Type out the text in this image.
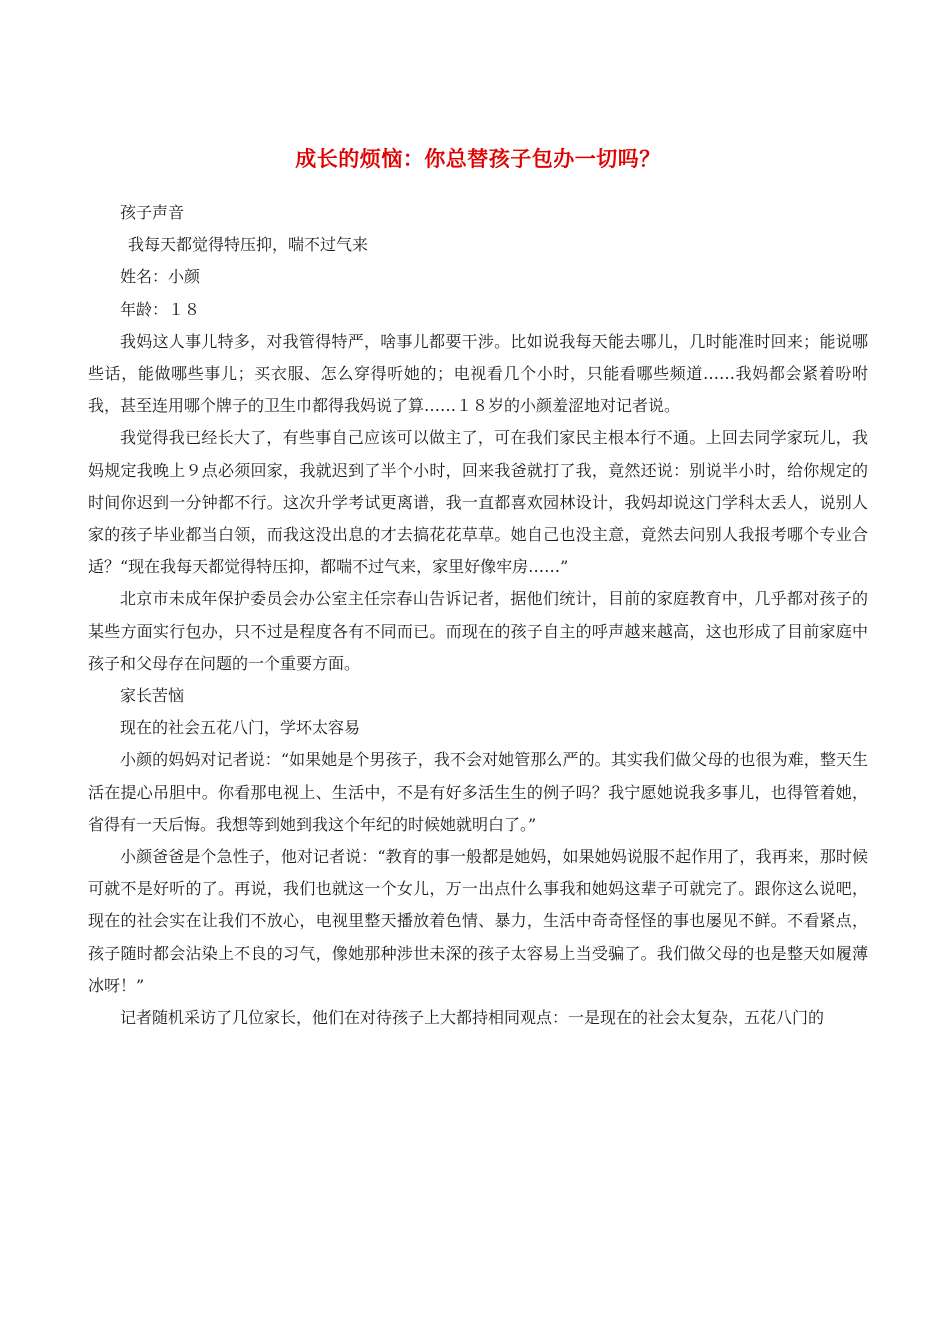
成长的烦恼：你总替孩子包办一切吗？

孩子声音

我每天都觉得特压抑，喘不过气来

姓名：小颜

年龄：１８

我妈这人事儿特多，对我管得特严，啥事儿都要干涉。比如说我每天能去哪儿，几时能准时回来；能说哪些话，能做哪些事儿；买衣服、怎么穿得听她的；电视看几个小时，只能看哪些频道……我妈都会紧着吩咐我，甚至连用哪个牌子的卫生巾都得我妈说了算……１８岁的小颜羞涩地对记者说。

我觉得我已经长大了，有些事自己应该可以做主了，可在我们家民主根本行不通。上回去同学家玩儿，我妈规定我晚上９点必须回家，我就迟到了半个小时，回来我爸就打了我，竟然还说：别说半小时，给你规定的时间你迟到一分钟都不行。这次升学考试更离谱，我一直都喜欢园林设计，我妈却说这门学科太丢人，说别人家的孩子毕业都当白领，而我这没出息的才去搞花花草草。她自己也没主意，竟然去问别人我报考哪个专业合适？“现在我每天都觉得特压抑，都喘不过气来，家里好像牢房……”

北京市未成年保护委员会办公室主任宗春山告诉记者，据他们统计，目前的家庭教育中，几乎都对孩子的某些方面实行包办，只不过是程度各有不同而已。而现在的孩子自主的呼声越来越高，这也形成了目前家庭中孩子和父母存在问题的一个重要方面。

家长苦恼

现在的社会五花八门，学坏太容易

小颜的妈妈对记者说：“如果她是个男孩子，我不会对她管那么严的。其实我们做父母的也很为难，整天生活在提心吊胆中。你看那电视上、生活中，不是有好多活生生的例子吗？我宁愿她说我多事儿，也得管着她，省得有一天后悔。我想等到她到我这个年纪的时候她就明白了。”

小颜爸爸是个急性子，他对记者说：“教育的事一般都是她妈，如果她妈说服不起作用了，我再来，那时候可就不是好听的了。再说，我们也就这一个女儿，万一出点什么事我和她妈这辈子可就完了。跟你这么说吧，现在的社会实在让我们不放心，电视里整天播放着色情、暴力，生活中奇奇怪怪的事也屡见不鲜。不看紧点，孩子随时都会沾染上不良的习气，像她那种涉世未深的孩子太容易上当受骗了。我们做父母的也是整天如履薄冰呀！”

记者随机采访了几位家长，他们在对待孩子上大都持相同观点：一是现在的社会太复杂，五花八门的
